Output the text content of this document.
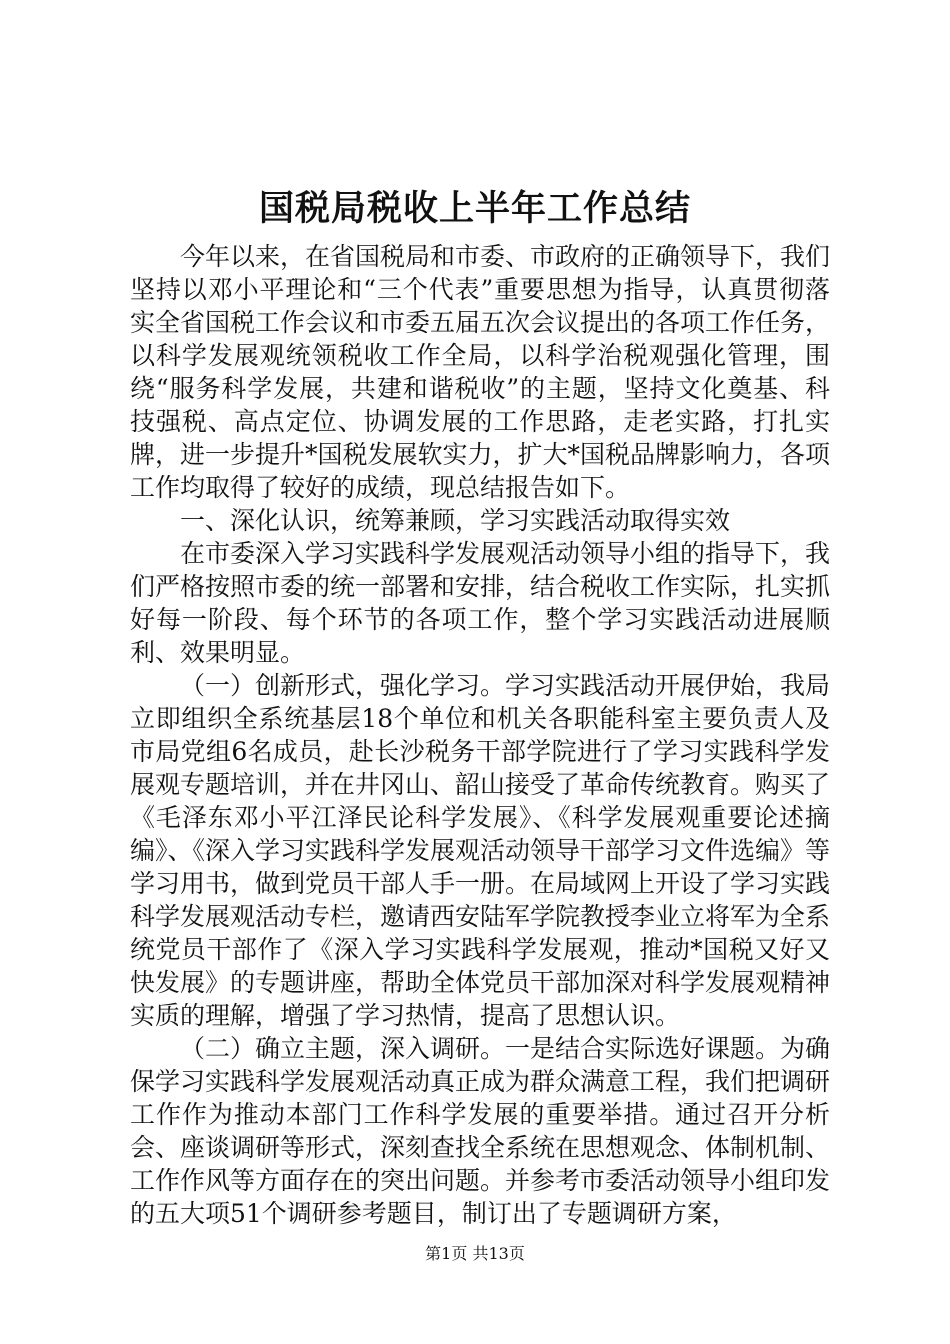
国税局税收上半年工作总结

今年以来，在省国税局和市委、市政府的正确领导下，我们坚持以邓小平理论和“三个代表”重要思想为指导，认真贯彻落实全省国税工作会议和市委五届五次会议提出的各项工作任务，以科学发展观统领税收工作全局，以科学治税观强化管理，围绕“服务科学发展，共建和谐税收”的主题，坚持文化奠基、科技强税、高点定位、协调发展的工作思路，走老实路，打扎实牌，进一步提升*国税发展软实力，扩大*国税品牌影响力，各项工作均取得了较好的成绩，现总结报告如下。

一、深化认识，统筹兼顾，学习实践活动取得实效

在市委深入学习实践科学发展观活动领导小组的指导下，我们严格按照市委的统一部署和安排，结合税收工作实际，扎实抓好每一阶段、每个环节的各项工作，整个学习实践活动进展顺利、效果明显。

（一）创新形式，强化学习。学习实践活动开展伊始，我局立即组织全系统基层18个单位和机关各职能科室主要负责人及市局党组6名成员，赴长沙税务干部学院进行了学习实践科学发展观专题培训，并在井冈山、韶山接受了革命传统教育。购买了《毛泽东邓小平江泽民论科学发展》、《科学发展观重要论述摘编》、《深入学习实践科学发展观活动领导干部学习文件选编》等学习用书，做到党员干部人手一册。在局域网上开设了学习实践科学发展观活动专栏，邀请西安陆军学院教授李业立将军为全系统党员干部作了《深入学习实践科学发展观，推动*国税又好又快发展》的专题讲座，帮助全体党员干部加深对科学发展观精神实质的理解，增强了学习热情，提高了思想认识。

（二）确立主题，深入调研。一是结合实际选好课题。为确保学习实践科学发展观活动真正成为群众满意工程，我们把调研工作作为推动本部门工作科学发展的重要举措。通过召开分析会、座谈调研等形式，深刻查找全系统在思想观念、体制机制、工作作风等方面存在的突出问题。并参考市委活动领导小组印发的五大项51个调研参考题目，制订出了专题调研方案，

第1页 共13页
